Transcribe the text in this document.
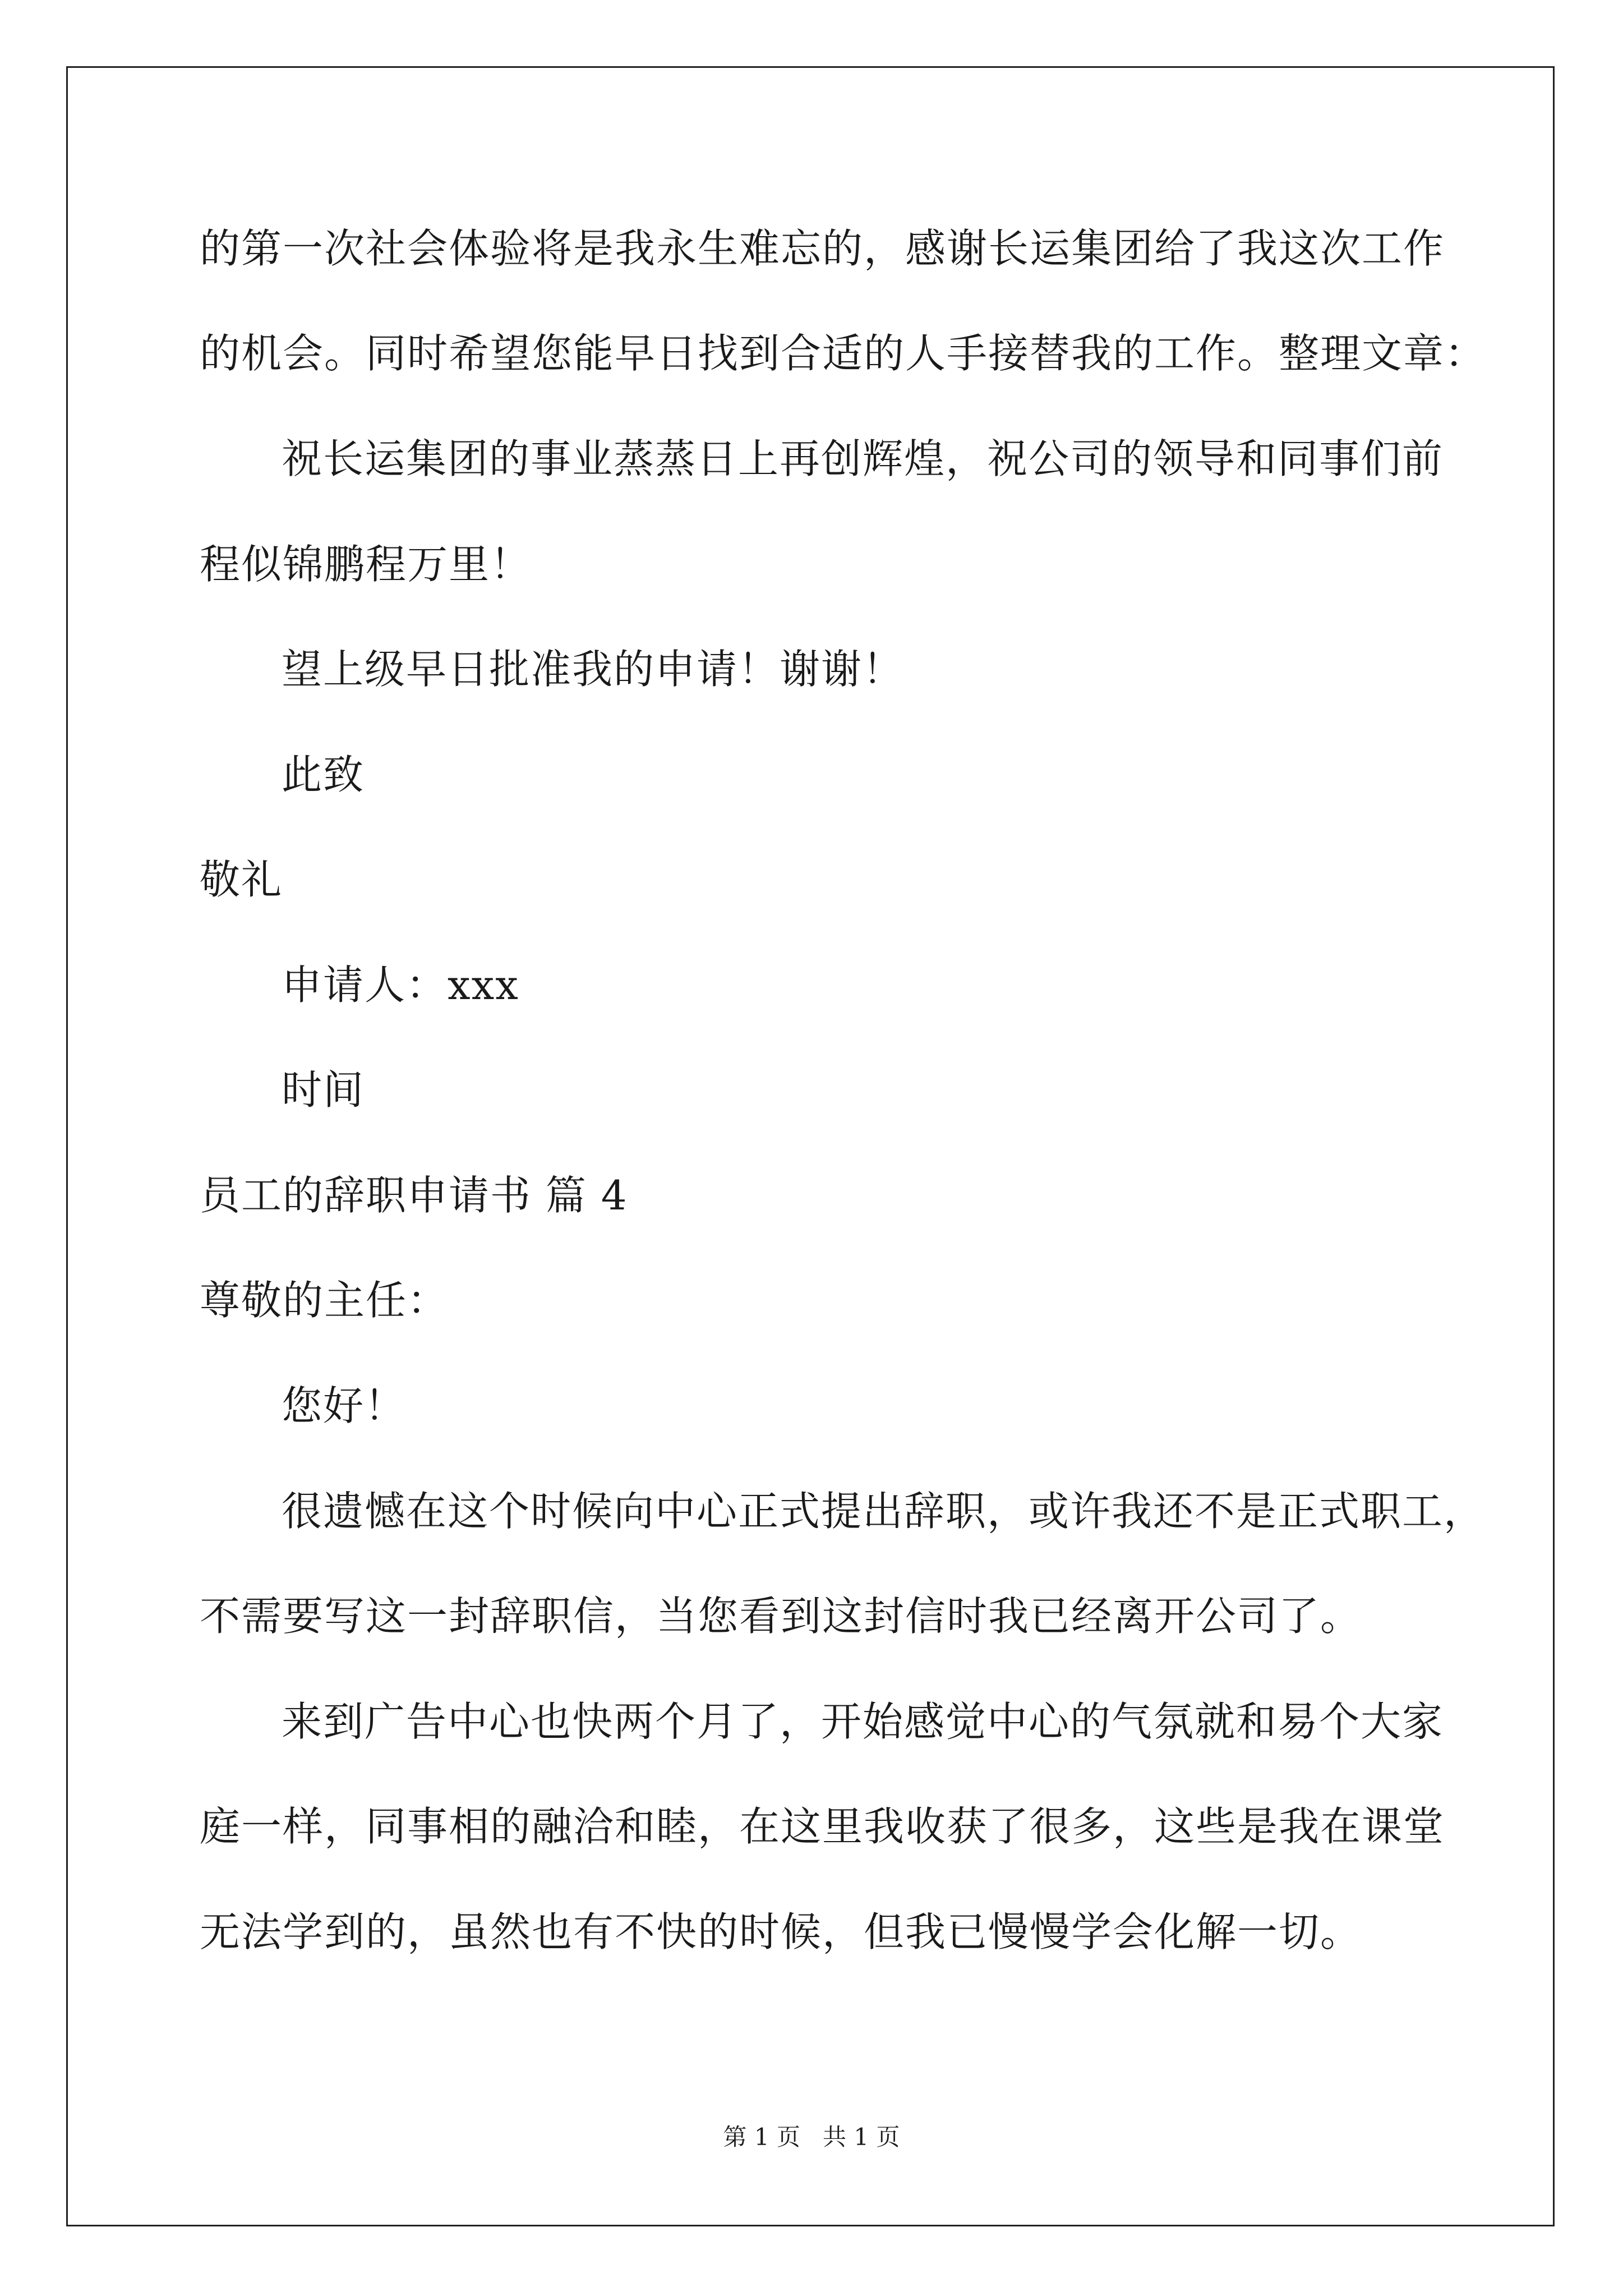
的第一次社会体验将是我永生难忘的，感谢长运集团给了我这次工作
的机会。同时希望您能早日找到合适的人手接替我的工作。整理文章：
祝长运集团的事业蒸蒸日上再创辉煌，祝公司的领导和同事们前
程似锦鹏程万里！
望上级早日批准我的申请！谢谢！
此致
敬礼
申请人：xxx
时间
员工的辞职申请书 篇 4
尊敬的主任：
您好！
很遗憾在这个时候向中心正式提出辞职，或许我还不是正式职工，
不需要写这一封辞职信，当您看到这封信时我已经离开公司了。
来到广告中心也快两个月了，开始感觉中心的气氛就和易个大家
庭一样，同事相的融洽和睦，在这里我收获了很多，这些是我在课堂
无法学到的，虽然也有不快的时候，但我已慢慢学会化解一切。
第 1 页   共 1 页
